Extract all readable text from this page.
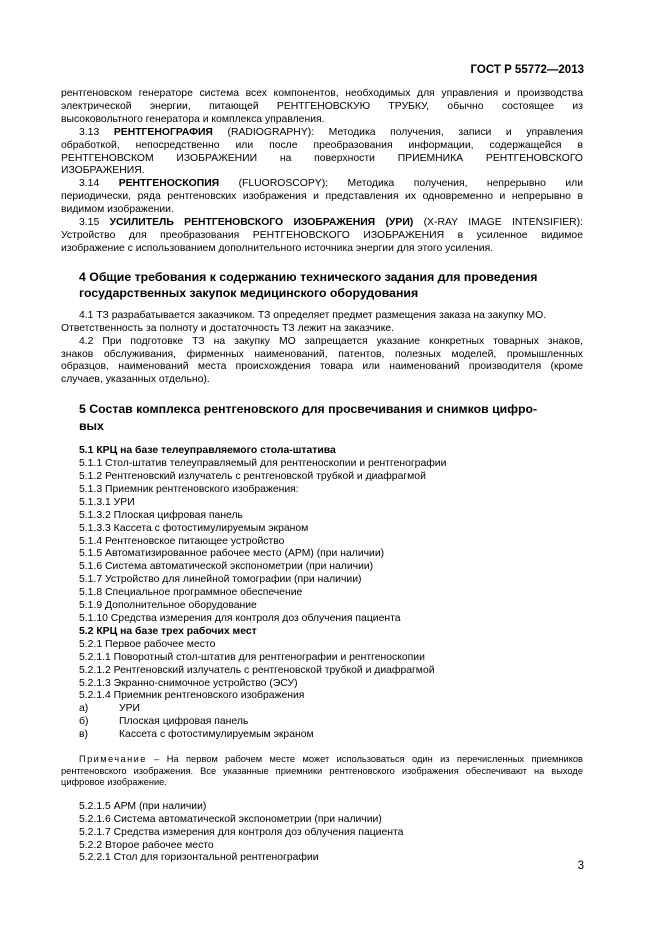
ГОСТ Р 55772—2013

рентгеновском генераторе система всех компонентов, необходимых для управления и производства

электрической энергии, питающей РЕНТГЕНОВСКУЮ ТРУБКУ, обычно состоящее из

высоковольтного генератора и комплекса управления.

3.13 РЕНТГЕНОГРАФИЯ (RADIOGRAPHY): Методика получения, записи и управления

обработкой, непосредственно или после преобразования информации, содержащейся в

РЕНТГЕНОВСКОМ ИЗОБРАЖЕНИИ на поверхности ПРИЕМНИКА РЕНТГЕНОВСКОГО

ИЗОБРАЖЕНИЯ.

3.14 РЕНТГЕНОСКОПИЯ (FLUOROSCOPY): Методика получения, непрерывно или

периодически, ряда рентгеновских изображения и представления их одновременно и непрерывно в

видимом изображении.

3.15 УСИЛИТЕЛЬ РЕНТГЕНОВСКОГО ИЗОБРАЖЕНИЯ (УРИ) (X-RAY IMAGE INTENSIFIER):

Устройство для преобразования РЕНТГЕНОВСКОГО ИЗОБРАЖЕНИЯ в усиленное видимое

изображение с использованием дополнительного источника энергии для этого усиления.

4 Общие требования к содержанию технического задания для проведения
государственных закупок медицинского оборудования

4.1 ТЗ разрабатывается заказчиком. ТЗ определяет предмет размещения заказа на закупку МО.

Ответственность за полноту и достаточность ТЗ лежит на заказчике.

4.2 При подготовке ТЗ на закупку МО запрещается указание конкретных товарных знаков,

знаков обслуживания, фирменных наименований, патентов, полезных моделей, промышленных

образцов, наименований места происхождения товара или наименований производителя (кроме

случаев, указанных отдельно).

5 Состав комплекса рентгеновского для просвечивания и снимков цифро-
вых

5.1 КРЦ на базе телеуправляемого стола-штатива

5.1.1 Стол-штатив телеуправляемый для рентгеноскопии и рентгенографии

5.1.2 Рентгеновский излучатель с рентгеновской трубкой и диафрагмой

5.1.3 Приемник рентгеновского изображения:

5.1.3.1 УРИ

5.1.3.2 Плоская цифровая панель

5.1.3.3 Кассета с фотостимулируемым экраном

5.1.4 Рентгеновское питающее устройство

5.1.5 Автоматизированное рабочее место (АРМ) (при наличии)

5.1.6 Система автоматической экспонометрии (при наличии)

5.1.7 Устройство для линейной томографии (при наличии)

5.1.8 Специальное программное обеспечение

5.1.9 Дополнительное оборудование

5.1.10 Средства измерения для контроля доз облучения пациента

5.2 КРЦ на базе трех рабочих мест

5.2.1 Первое рабочее место

5.2.1.1 Поворотный стол-штатив для рентгенографии и рентгеноскопии

5.2.1.2 Рентгеновский излучатель с рентгеновской трубкой и диафрагмой

5.2.1.3 Экранно-снимочное устройство (ЭСУ)

5.2.1.4 Приемник рентгеновского изображения

а)	УРИ
б)	Плоская цифровая панель
в)	Кассета с фотостимулируемым экраном

Примечание – На первом рабочем месте может использоваться один из перечисленных приемников

рентгеновского изображения. Все указанные приемники рентгеновского изображения обеспечивают на выходе

цифровое изображение.

5.2.1.5 АРМ (при наличии)

5.2.1.6 Система автоматической экспонометрии (при наличии)

5.2.1.7 Средства измерения для контроля доз облучения пациента

5.2.2 Второе рабочее место

5.2.2.1 Стол для горизонтальной рентгенографии

3
